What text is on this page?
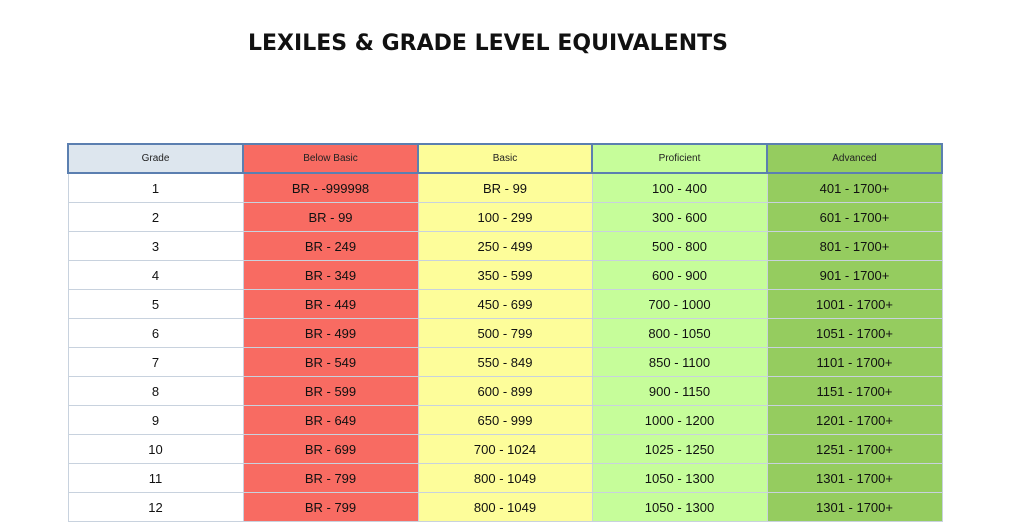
LEXILES & GRADE LEVEL EQUIVALENTS
Grade	Below Basic	Basic	Proficient	Advanced
1	BR - -999998	BR - 99	100 - 400	401 - 1700+
2	BR - 99	100 - 299	300 - 600	601 - 1700+
3	BR - 249	250 - 499	500 - 800	801 - 1700+
4	BR - 349	350 - 599	600 - 900	901 - 1700+
5	BR - 449	450 - 699	700 - 1000	1001 - 1700+
6	BR - 499	500 - 799	800 - 1050	1051 - 1700+
7	BR - 549	550 - 849	850 - 1100	1101 - 1700+
8	BR - 599	600 - 899	900 - 1150	1151 - 1700+
9	BR - 649	650 - 999	1000 - 1200	1201 - 1700+
10	BR - 699	700 - 1024	1025 - 1250	1251 - 1700+
11	BR - 799	800 - 1049	1050 - 1300	1301 - 1700+
12	BR - 799	800 - 1049	1050 - 1300	1301 - 1700+
